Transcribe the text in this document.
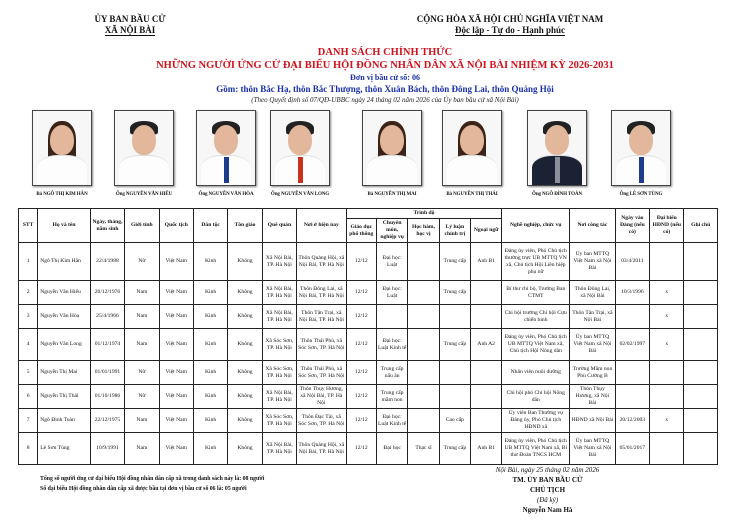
ỦY BAN BẦU CỬ
XÃ NỘI BÀI
CỘNG HÒA XÃ HỘI CHỦ NGHĨA VIỆT NAM
Độc lập - Tự do - Hạnh phúc
DANH SÁCH CHÍNH THỨC
NHỮNG NGƯỜI ỨNG CỬ ĐẠI BIỂU HỘI ĐỒNG NHÂN DÂN XÃ NỘI BÀI NHIỆM KỲ 2026-2031
Đơn vị bầu cử số: 06
Gồm: thôn Bắc Hạ, thôn Bắc Thượng, thôn Xuân Bách, thôn Đông Lai, thôn Quảng Hội
(Theo Quyết định số 07/QĐ-UBBC ngày 24 tháng 02 năm 2026 của Ủy ban bầu cử xã Nội Bài)
Bà NGÔ THỊ KIM HÂN	Ông NGUYỄN VĂN HIẾU	Ông NGUYỄN VĂN HÒA	Ông NGUYỄN VĂN LONG	Bà NGUYỄN THỊ MAI	Bà NGUYỄN THỊ THÁI	Ông NGÔ ĐÌNH TOÀN	Ông LÊ SƠN TÙNG
STT	Họ và tên	Ngày, tháng, năm sinh	Giới tính	Quốc tịch	Dân tộc	Tôn giáo	Quê quán	Nơi ở hiện nay	Trình độ					Nghề nghiệp, chức vụ	Nơi công tác	Ngày vào Đảng (nếu có)	Đại biểu HĐND (nếu có)	Ghi chú
									Giáo dục phổ thông	Chuyên môn, nghiệp vụ	Học hàm, học vị	Lý luận chính trị	Ngoại ngữ					
1	Ngô Thị Kim Hân	22/4/1988	Nữ	Việt Nam	Kinh	Không	Xã Nội Bài, TP. Hà Nội	Thôn Quảng Hội, xã Nội Bài, TP. Hà Nội	12/12	Đại học: Luật		Trung cấp	Anh B1	Đảng ủy viên, Phó Chủ tịch thường trực UB MTTQ VN xã, Chủ tịch Hội Liên hiệp phụ nữ	Ủy ban MTTQ Việt Nam xã Nội Bài	03/4/2011		
2	Nguyễn Văn Hiếu	20/12/1976	Nam	Việt Nam	Kinh	Không	Xã Nội Bài, TP. Hà Nội	Thôn Đông Lai, xã Nội Bài, TP. Hà Nội	12/12	Đại học: Luật		Trung cấp		Bí thư chi bộ, Trưởng Ban CTMT	Thôn Đông Lai, xã Nội Bài	10/3/1996	x	
3	Nguyễn Văn Hòa	25/4/1966	Nam	Việt Nam	Kinh	Không	Xã Nội Bài, TP. Hà Nội	Thôn Tân Trại, xã Nội Bài, TP. Hà Nội	12/12					Chi hội trưởng Chi hội Cựu chiến binh	Thôn Tân Trại, xã Nội Bài		x	
4	Nguyễn Văn Long	01/12/1974	Nam	Việt Nam	Kinh	Không	Xã Sóc Sơn, TP. Hà Nội	Thôn Thái Phù, xã Sóc Sơn, TP. Hà Nội	12/12	Đại học: Luật Kinh tế		Trung cấp	Anh A2	Đảng ủy viên, Phó Chủ tịch UB MTTQ Việt Nam xã, Chủ tịch Hội Nông dân	Ủy ban MTTQ Việt Nam xã Nội Bài	02/02/1997	x	
5	Nguyễn Thị Mai	01/01/1991	Nữ	Việt Nam	Kinh	Không	Xã Sóc Sơn, TP. Hà Nội	Thôn Thái Phù, xã Sóc Sơn, TP. Hà Nội	12/12	Trung cấp nấu ăn				Nhân viên nuôi dưỡng	Trường Mầm non Phù Cường B			
6	Nguyễn Thị Thái	01/10/1986	Nữ	Việt Nam	Kinh	Không	Xã Nội Bài, TP. Hà Nội	Thôn Thụy Hương, xã Nội Bài, TP. Hà Nội	12/12	Trung cấp mầm non				Chi hội phó Chi hội Nông dân	Thôn Thụy Hương, xã Nội Bài			
7	Ngô Đình Toàn	22/12/1975	Nam	Việt Nam	Kinh	Không	Xã Sóc Sơn, TP. Hà Nội	Thôn Đạc Tài, xã Sóc Sơn, TP. Hà Nội	12/12	Đại học: Luật Kinh tế		Cao cấp		Ủy viên Ban Thường vụ Đảng ủy, Phó Chủ tịch HĐND xã	HĐND xã Nội Bài	20/12/2003	x	
8	Lê Sơn Tùng	10/9/1991	Nam	Việt Nam	Kinh	Không	Xã Nội Bài, TP. Hà Nội	Thôn Quảng Hội, xã Nội Bài, TP. Hà Nội	12/12	Đại học	Thạc sĩ	Trung cấp	Anh B1	Đảng ủy viên, Phó Chủ tịch UB MTTQ Việt Nam xã, Bí thư Đoàn TNCS HCM	Ủy ban MTTQ Việt Nam xã Nội Bài	05/01/2017		
Tổng số người ứng cử đại biểu Hội đồng nhân dân cấp xã trong danh sách này là: 08 người
Số đại biểu Hội đồng nhân dân cấp xã được bầu tại đơn vị bầu cử số 06 là: 05 người
Nội Bài, ngày 25 tháng 02 năm 2026
TM. ỦY BAN BẦU CỬ
CHỦ TỊCH
(Đã ký)
Nguyễn Nam Hà
